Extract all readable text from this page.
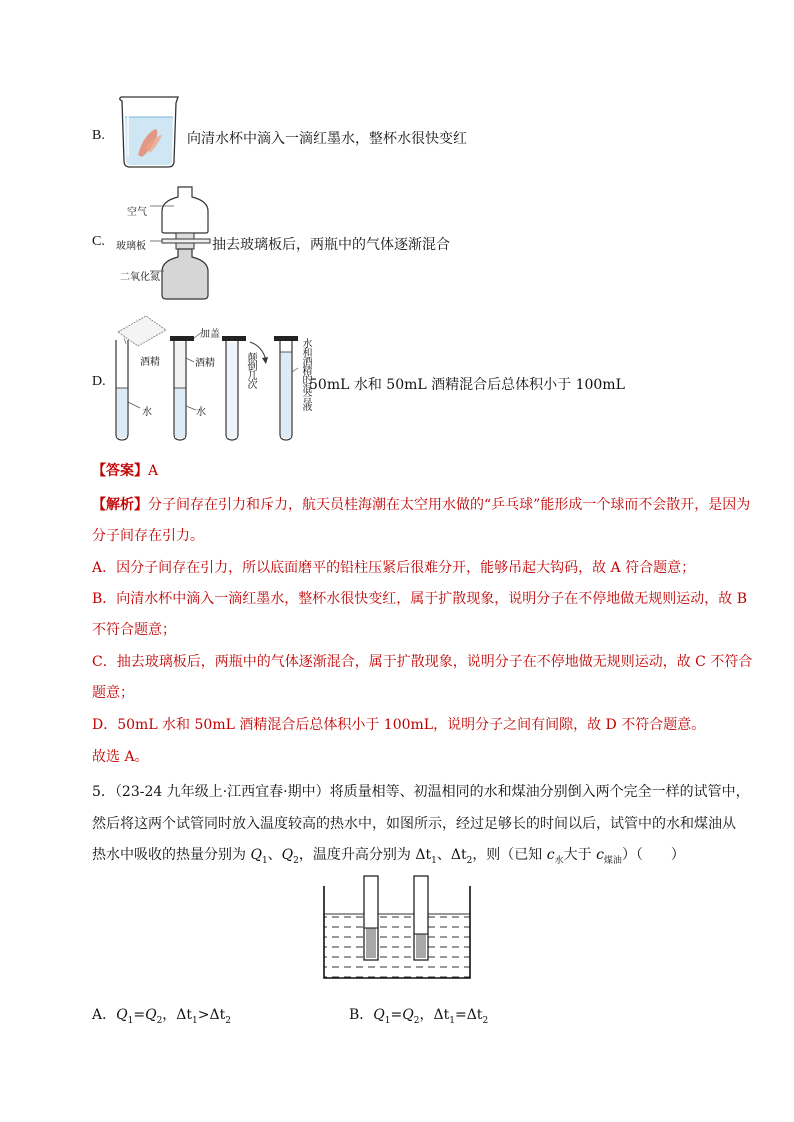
B.	向清水杯中滴入一滴红墨水，整杯水很快变红
空气
C. 玻璃板
二氧化氮
抽去玻璃板后，两瓶中的气体逐渐混合
D.
酒精
加盖
酒精
水	水
颠倒几次	水和酒精的混合液
50mL 水和 50mL 酒精混合后总体积小于 100mL
【答案】A
【解析】分子间存在引力和斥力，航天员桂海潮在太空用水做的“乒乓球”能形成一个球而不会散开，是因为
分子间存在引力。
A．因分子间存在引力，所以底面磨平的铅柱压紧后很难分开，能够吊起大钩码，故 A 符合题意；
B．向清水杯中滴入一滴红墨水，整杯水很快变红，属于扩散现象，说明分子在不停地做无规则运动，故 B
不符合题意；
C．抽去玻璃板后，两瓶中的气体逐渐混合，属于扩散现象，说明分子在不停地做无规则运动，故 C 不符合
题意；
D．50mL 水和 50mL 酒精混合后总体积小于 100mL，说明分子之间有间隙，故 D 不符合题意。
故选 A。
5．（23-24 九年级上·江西宜春·期中）将质量相等、初温相同的水和煤油分别倒入两个完全一样的试管中，
然后将这两个试管同时放入温度较高的热水中，如图所示，经过足够长的时间以后，试管中的水和煤油从
热水中吸收的热量分别为 $Q_1$、$Q_2$，温度升高分别为 $\Delta t_1$、$\Delta t_2$，则（已知 $c_水$大于 $c_{煤油}$）（　　）
A．$Q_1=Q_2$，$\Delta t_1>\Delta t_2$	B．$Q_1=Q_2$，$\Delta t_1=\Delta t_2$
